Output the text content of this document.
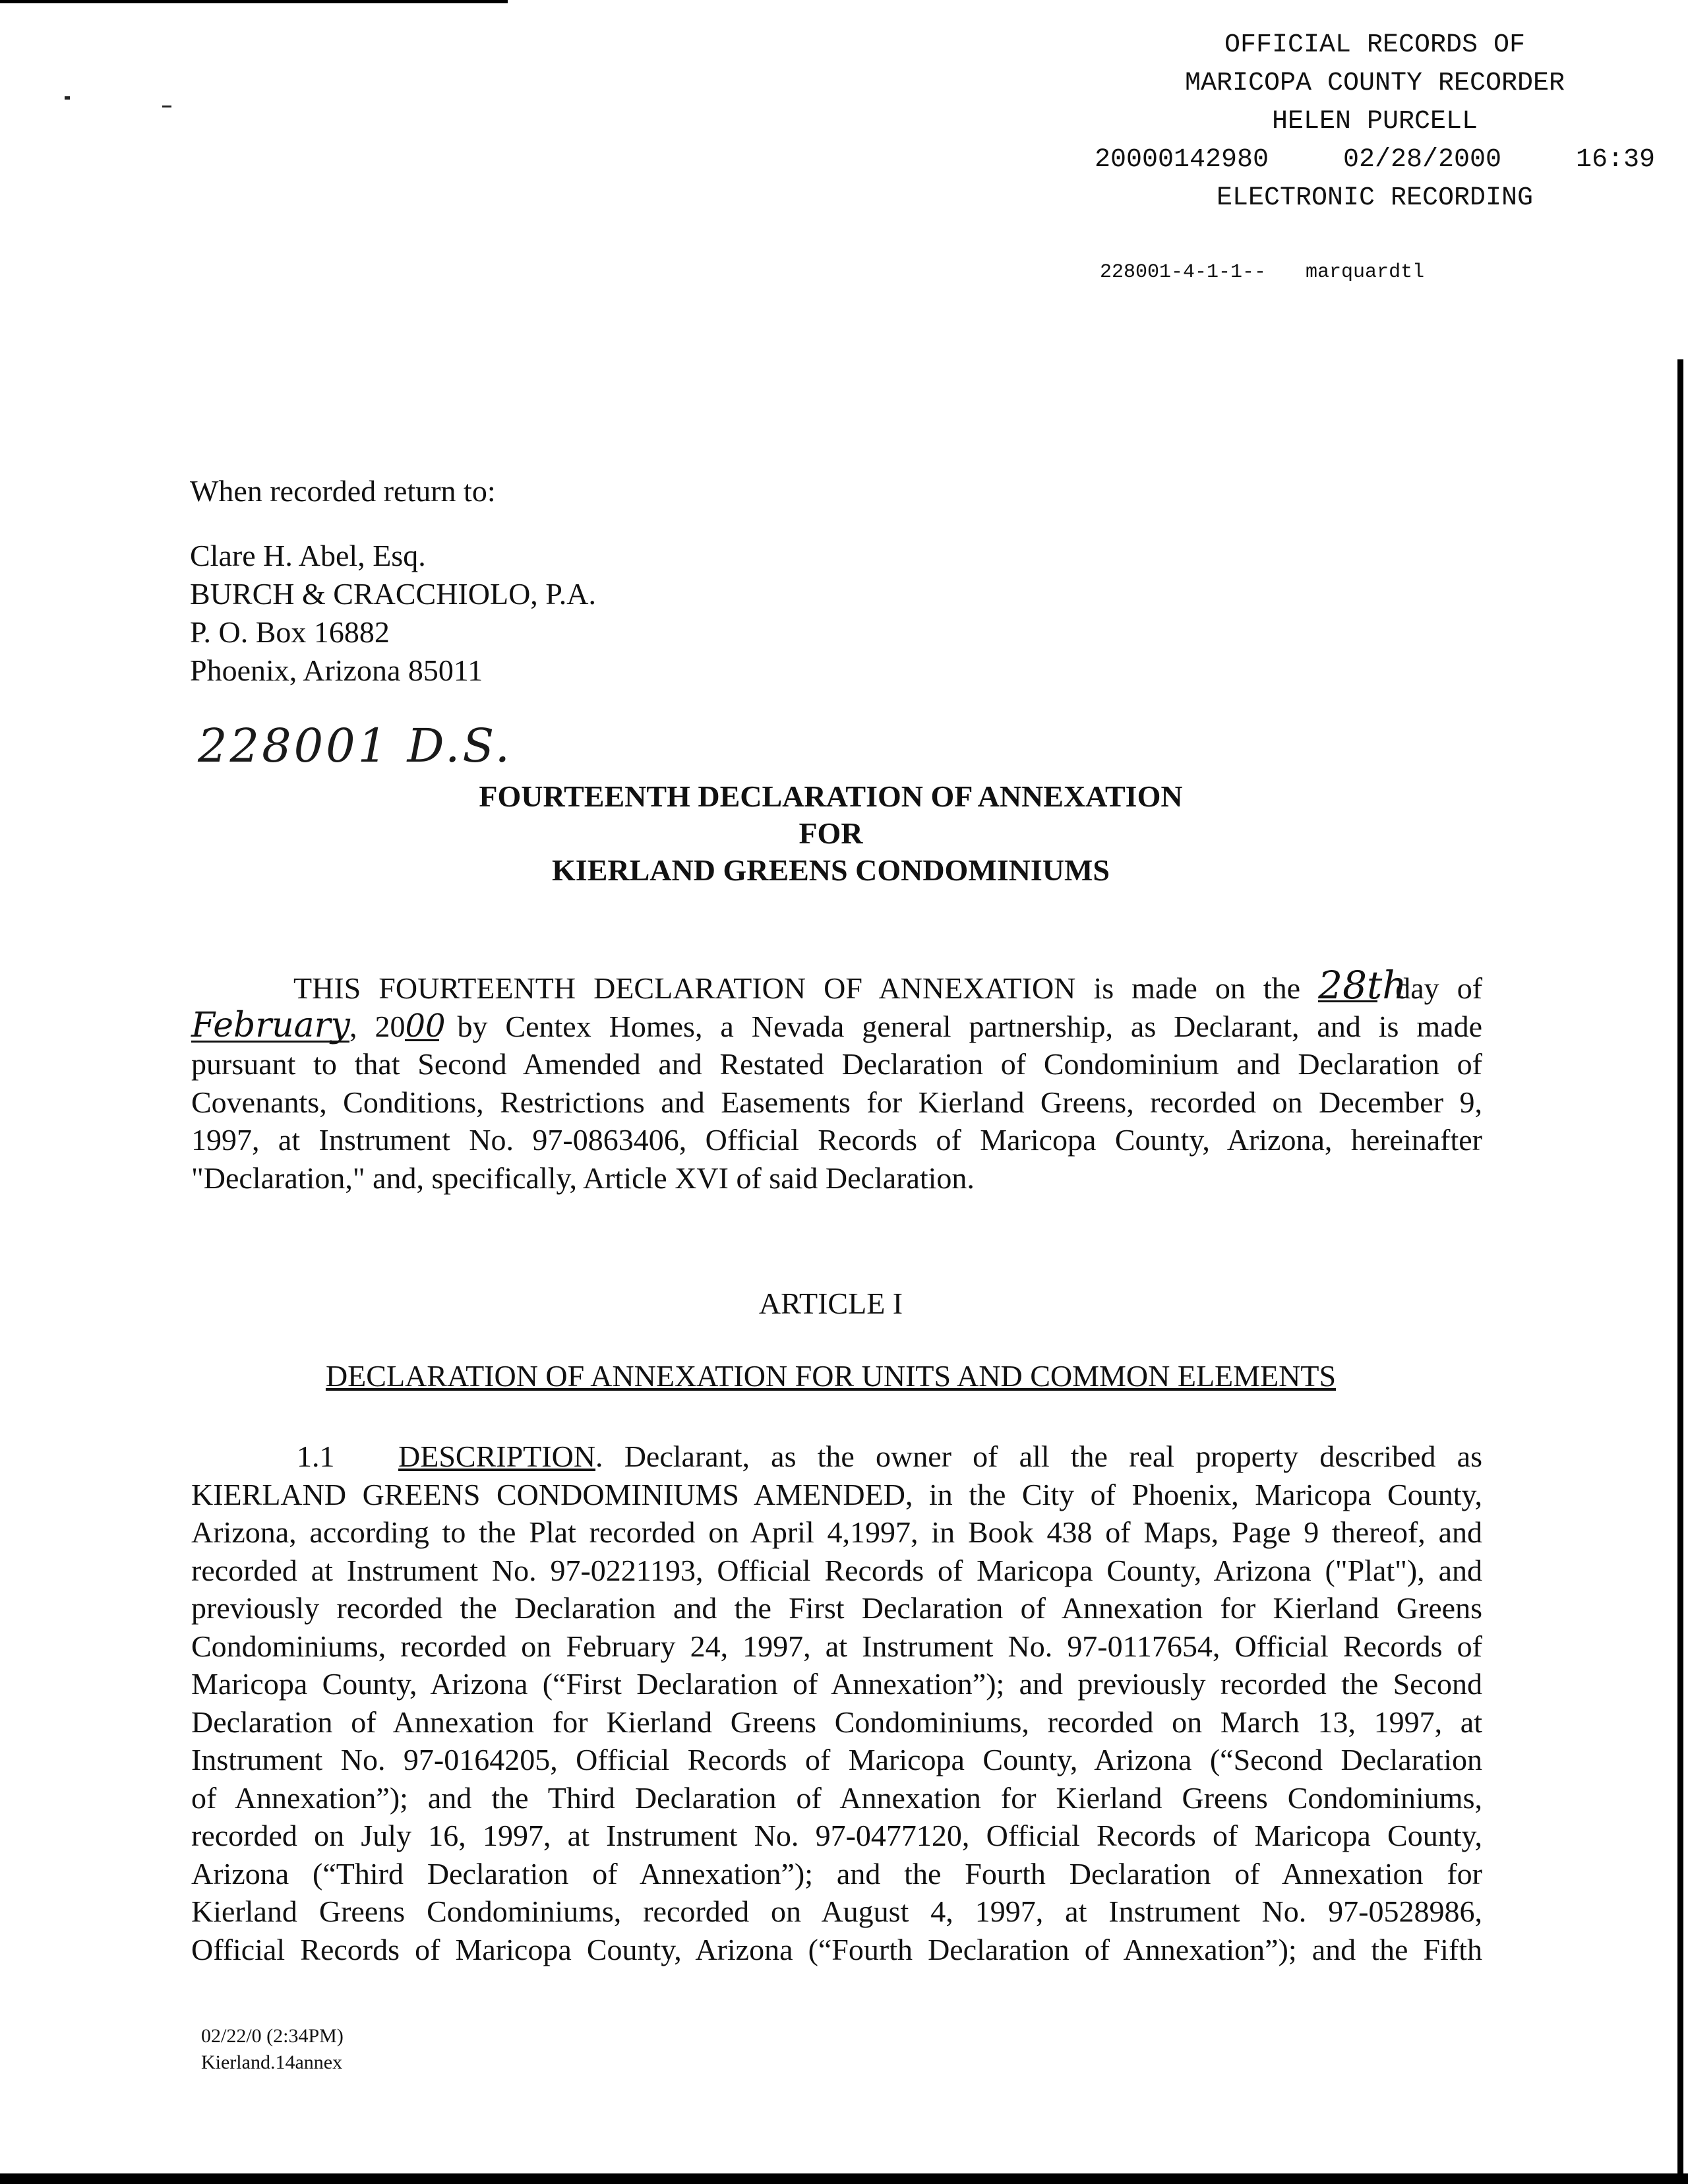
OFFICIAL RECORDS OF
MARICOPA COUNTY RECORDER
HELEN PURCELL
20000142980	02/28/2000	16:39
ELECTRONIC RECORDING
228001-4-1-1-- marquardtl
When recorded return to:
Clare H. Abel, Esq.
BURCH & CRACCHIOLO, P.A.
P. O. Box 16882
Phoenix, Arizona 85011
228001 D.S.
FOURTEENTH DECLARATION OF ANNEXATION
FOR
KIERLAND GREENS CONDOMINIUMS
THIS FOURTEENTH DECLARATION OF ANNEXATION is made on the 28th day of
February, 2000 by Centex Homes, a Nevada general partnership, as Declarant, and is made
pursuant to that Second Amended and Restated Declaration of Condominium and Declaration of
Covenants, Conditions, Restrictions and Easements for Kierland Greens, recorded on December 9,
1997, at Instrument No. 97-0863406, Official Records of Maricopa County, Arizona, hereinafter
"Declaration," and, specifically, Article XVI of said Declaration.
ARTICLE I
DECLARATION OF ANNEXATION FOR UNITS AND COMMON ELEMENTS
1.1 DESCRIPTION. Declarant, as the owner of all the real property described as
KIERLAND GREENS CONDOMINIUMS AMENDED, in the City of Phoenix, Maricopa County,
Arizona, according to the Plat recorded on April 4,1997, in Book 438 of Maps, Page 9 thereof, and
recorded at Instrument No. 97-0221193, Official Records of Maricopa County, Arizona ("Plat"), and
previously recorded the Declaration and the First Declaration of Annexation for Kierland Greens
Condominiums, recorded on February 24, 1997, at Instrument No. 97-0117654, Official Records of
Maricopa County, Arizona (“First Declaration of Annexation”); and previously recorded the Second
Declaration of Annexation for Kierland Greens Condominiums, recorded on March 13, 1997, at
Instrument No. 97-0164205, Official Records of Maricopa County, Arizona (“Second Declaration
of Annexation”); and the Third Declaration of Annexation for Kierland Greens Condominiums,
recorded on July 16, 1997, at Instrument No. 97-0477120, Official Records of Maricopa County,
Arizona (“Third Declaration of Annexation”); and the Fourth Declaration of Annexation for
Kierland Greens Condominiums, recorded on August 4, 1997, at Instrument No. 97-0528986,
Official Records of Maricopa County, Arizona (“Fourth Declaration of Annexation”); and the Fifth
02/22/0 (2:34PM)
Kierland.14annex
